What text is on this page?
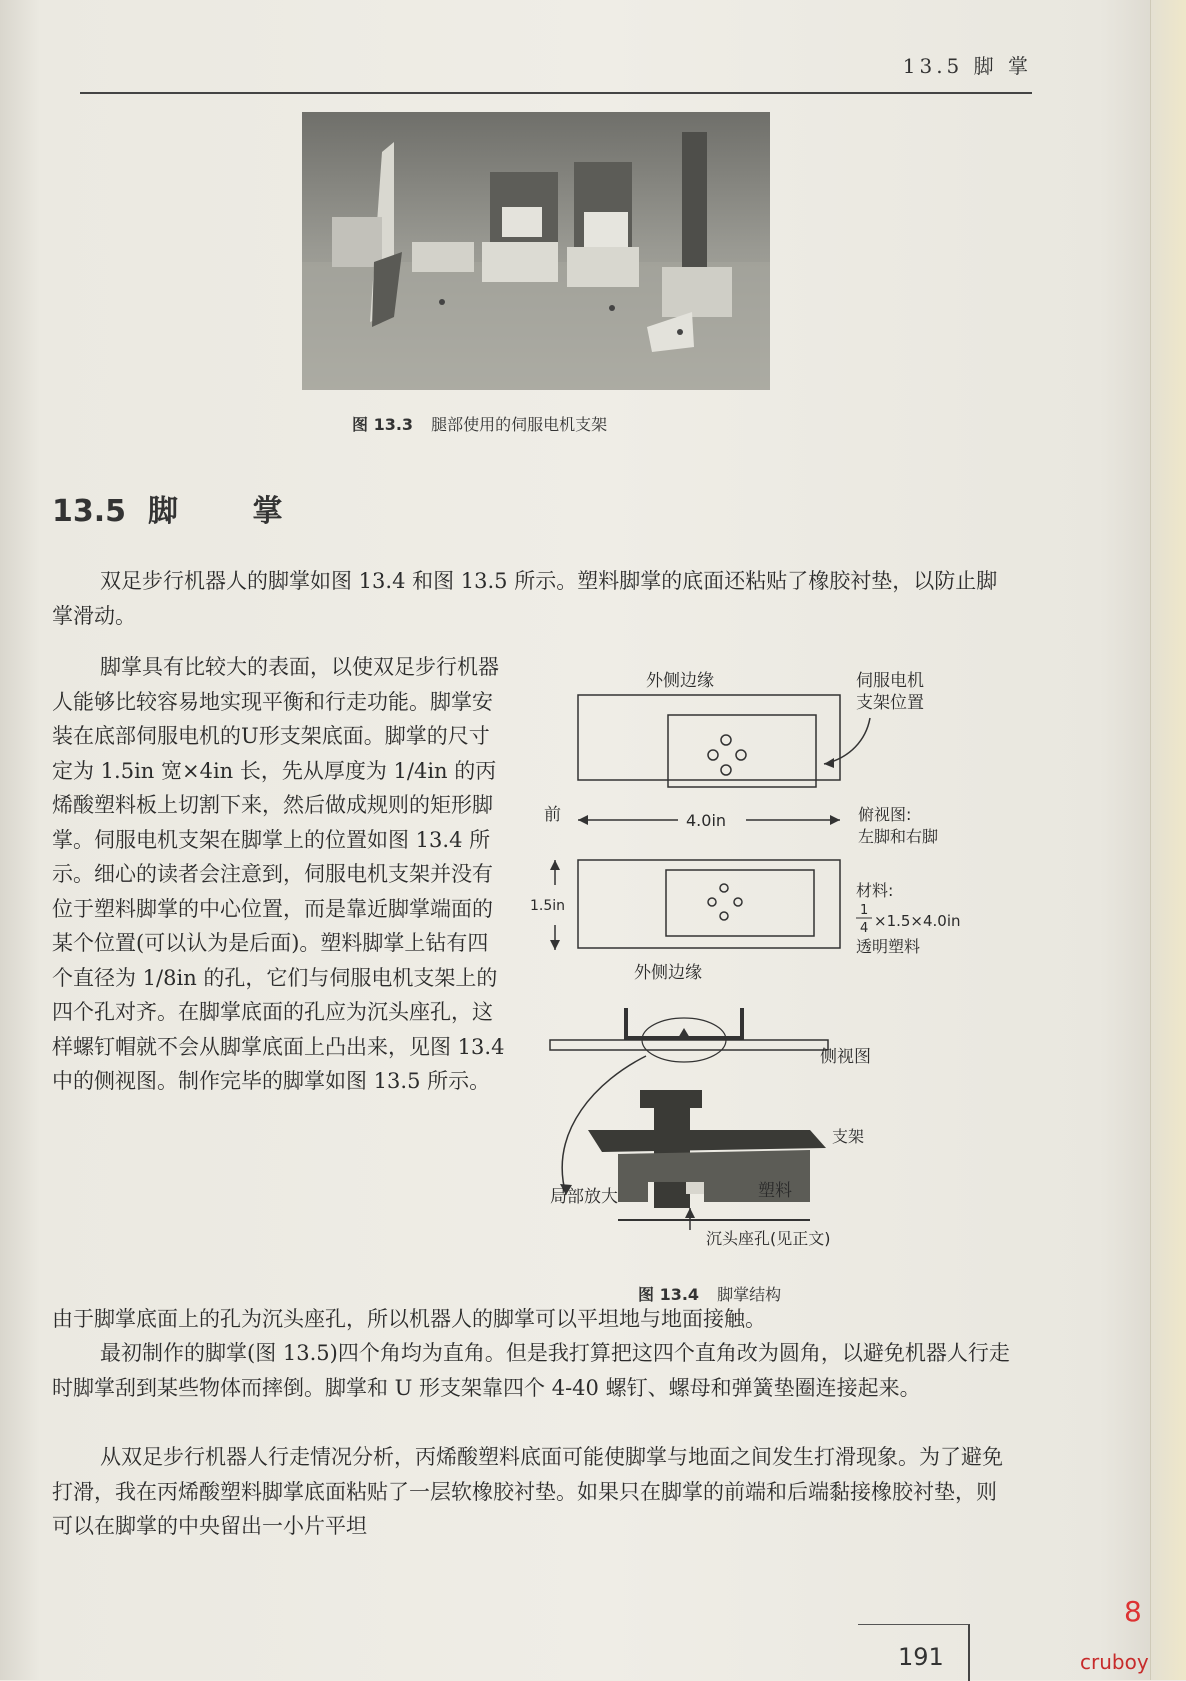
13.5 脚 掌
图 13.3 腿部使用的伺服电机支架
13.5 脚 掌

双足步行机器人的脚掌如图 13.4 和图 13.5 所示。塑料脚掌的底面还粘贴了橡胶衬垫，以防止脚掌滑动。

脚掌具有比较大的表面，以使双足步行机器人能够比较容易地实现平衡和行走功能。脚掌安装在底部伺服电机的U形支架底面。脚掌的尺寸定为 1.5in 宽×4in 长，先从厚度为 1/4in 的丙烯酸塑料板上切割下来，然后做成规则的矩形脚掌。伺服电机支架在脚掌上的位置如图 13.4 所示。细心的读者会注意到，伺服电机支架并没有位于塑料脚掌的中心位置，而是靠近脚掌端面的某个位置(可以认为是后面)。塑料脚掌上钻有四个直径为 1/8in 的孔，它们与伺服电机支架上的四个孔对齐。在脚掌底面的孔应为沉头座孔，这样螺钉帽就不会从脚掌底面上凸出来，见图 13.4 中的侧视图。制作完毕的脚掌如图 13.5 所示。

外侧边缘	伺服电机
支架位置
前	4.0in	俯视图:
左脚和右脚
1.5in
材料:
1
4 ×1.5×4.0in
透明塑料
外侧边缘
侧视图
支架
局部放大	塑料
沉头座孔(见正文)
图 13.4 脚掌结构

由于脚掌底面上的孔为沉头座孔，所以机器人的脚掌可以平坦地与地面接触。

最初制作的脚掌(图 13.5)四个角均为直角。但是我打算把这四个直角改为圆角，以避免机器人行走时脚掌刮到某些物体而摔倒。脚掌和 U 形支架靠四个 4-40 螺钉、螺母和弹簧垫圈连接起来。

从双足步行机器人行走情况分析，丙烯酸塑料底面可能使脚掌与地面之间发生打滑现象。为了避免打滑，我在丙烯酸塑料脚掌底面粘贴了一层软橡胶衬垫。如果只在脚掌的前端和后端黏接橡胶衬垫，则可以在脚掌的中央留出一小片平坦

191
8
cruboy
